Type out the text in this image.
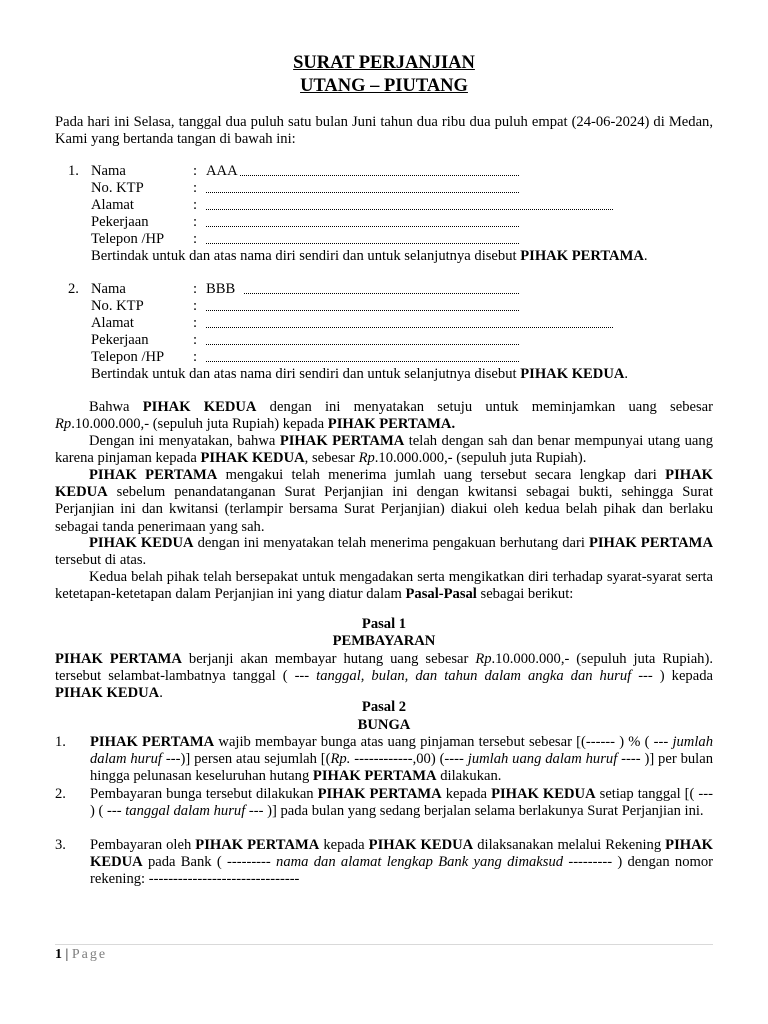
SURAT PERJANJIAN
UTANG – PIUTANG
Pada hari ini Selasa, tanggal dua puluh satu bulan Juni tahun dua ribu dua puluh empat (24-06-2024) di Medan, Kami yang bertanda tangan di bawah ini:
1. Nama	: AAA
No. KTP	:
Alamat	:
Pekerjaan	:
Telepon /HP :
Bertindak untuk dan atas nama diri sendiri dan untuk selanjutnya disebut PIHAK PERTAMA.
2. Nama	: BBB
No. KTP	:
Alamat	:
Pekerjaan	:
Telepon /HP :
Bertindak untuk dan atas nama diri sendiri dan untuk selanjutnya disebut PIHAK KEDUA.
Bahwa PIHAK KEDUA dengan ini menyatakan setuju untuk meminjamkan uang sebesar Rp.10.000.000,- (sepuluh juta Rupiah) kepada PIHAK PERTAMA.
Dengan ini menyatakan, bahwa PIHAK PERTAMA telah dengan sah dan benar mempunyai utang uang karena pinjaman kepada PIHAK KEDUA, sebesar Rp.10.000.000,- (sepuluh juta Rupiah).
PIHAK PERTAMA mengakui telah menerima jumlah uang tersebut secara lengkap dari PIHAK KEDUA sebelum penandatanganan Surat Perjanjian ini dengan kwitansi sebagai bukti, sehingga Surat Perjanjian ini dan kwitansi (terlampir bersama Surat Perjanjian) diakui oleh kedua belah pihak dan berlaku sebagai tanda penerimaan yang sah.
PIHAK KEDUA dengan ini menyatakan telah menerima pengakuan berhutang dari PIHAK PERTAMA tersebut di atas.
Kedua belah pihak telah bersepakat untuk mengadakan serta mengikatkan diri terhadap syarat-syarat serta ketetapan-ketetapan dalam Perjanjian ini yang diatur dalam Pasal-Pasal sebagai berikut:
Pasal 1
PEMBAYARAN
PIHAK PERTAMA berjanji akan membayar hutang uang sebesar Rp.10.000.000,- (sepuluh juta Rupiah). tersebut selambat-lambatnya tanggal ( --- tanggal, bulan, dan tahun dalam angka dan huruf --- ) kepada PIHAK KEDUA.
Pasal 2
BUNGA
1. PIHAK PERTAMA wajib membayar bunga atas uang pinjaman tersebut sebesar [(------ ) % ( --- jumlah dalam huruf ---)] persen atau sejumlah [(Rp. ------------,00) (---- jumlah uang dalam huruf ---- )] per bulan hingga pelunasan keseluruhan hutang PIHAK PERTAMA dilakukan.
2. Pembayaran bunga tersebut dilakukan PIHAK PERTAMA kepada PIHAK KEDUA setiap tanggal [( --- ) ( --- tanggal dalam huruf --- )] pada bulan yang sedang berjalan selama berlakunya Surat Perjanjian ini.
3. Pembayaran oleh PIHAK PERTAMA kepada PIHAK KEDUA dilaksanakan melalui Rekening PIHAK KEDUA pada Bank ( --------- nama dan alamat lengkap Bank yang dimaksud --------- ) dengan nomor rekening: -------------------------------
1 | Page
